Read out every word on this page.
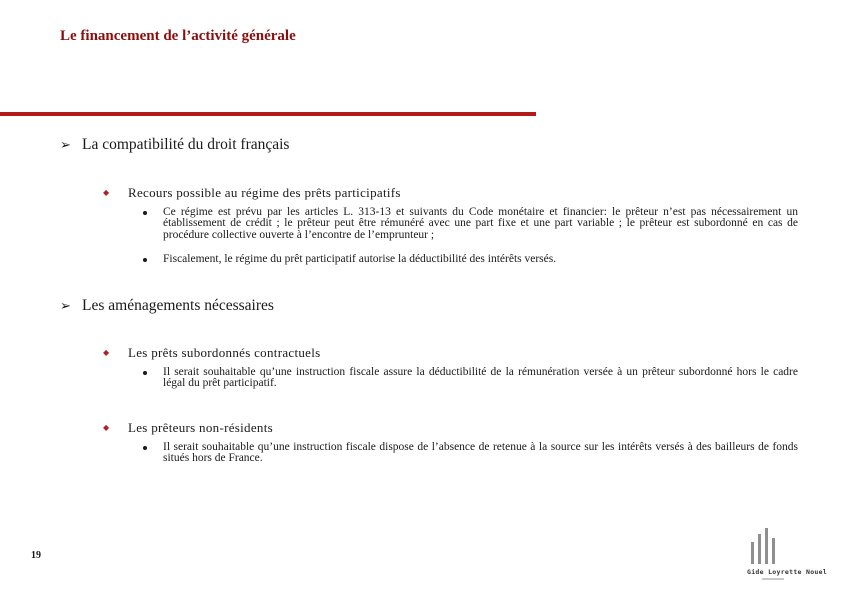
Le financement de l’activité générale
➢ La compatibilité du droit français
◆ Recours possible au régime des prêts participatifs
Ce régime est prévu par les articles L. 313-13 et suivants du Code monétaire et financier: le prêteur n’est pas nécessairement un établissement de crédit ; le prêteur peut être rémunéré avec une part fixe et une part variable ; le prêteur est subordonné en cas de procédure collective ouverte à l’encontre de l’emprunteur ;
Fiscalement, le régime du prêt participatif autorise la déductibilité des intérêts versés.
➢ Les aménagements nécessaires
◆ Les prêts subordonnés contractuels
Il serait souhaitable qu’une instruction fiscale assure la déductibilité de la rémunération versée à un prêteur subordonné hors le cadre légal du prêt participatif.
◆ Les prêteurs non-résidents
Il serait souhaitable qu’une instruction fiscale dispose de l’absence de retenue à la source sur les intérêts versés à des bailleurs de fonds situés hors de France.
19
Gide Loyrette Nouel
